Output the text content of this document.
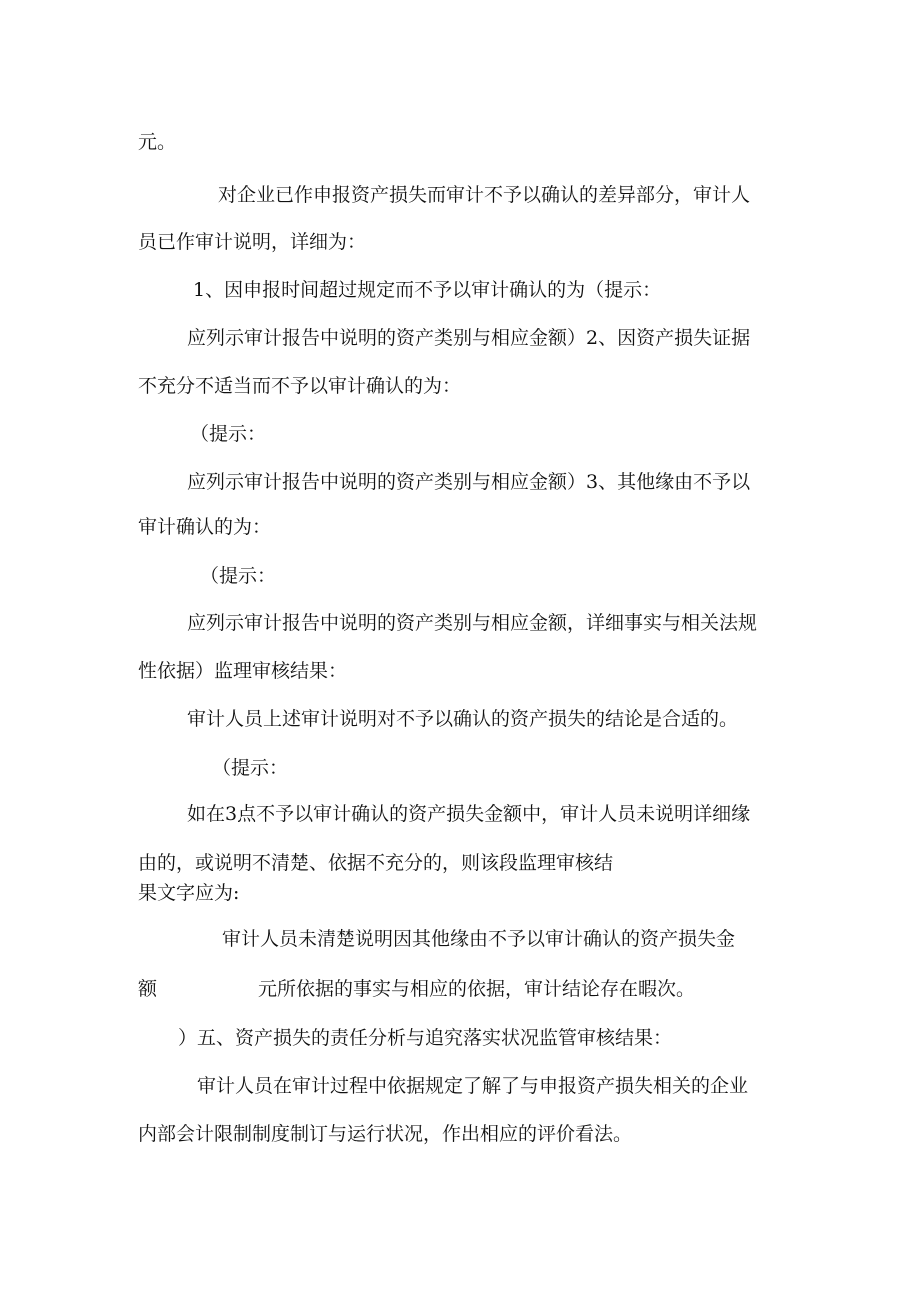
元。
对企业已作申报资产损失而审计不予以确认的差异部分，审计人
员已作审计说明，详细为：
1、因申报时间超过规定而不予以审计确认的为（提示：
应列示审计报告中说明的资产类别与相应金额）2、因资产损失证据
不充分不适当而不予以审计确认的为：
（提示：
应列示审计报告中说明的资产类别与相应金额）3、其他缘由不予以
审计确认的为：
（提示：
应列示审计报告中说明的资产类别与相应金额，详细事实与相关法规
性依据）监理审核结果：
审计人员上述审计说明对不予以确认的资产损失的结论是合适的。
（提示：
如在3点不予以审计确认的资产损失金额中，审计人员未说明详细缘
由的，或说明不清楚、依据不充分的，则该段监理审核结
果文字应为:
审计人员未清楚说明因其他缘由不予以审计确认的资产损失金
额	元所依据的事实与相应的依据，审计结论存在暇次。
）五、资产损失的责任分析与追究落实状况监管审核结果：
审计人员在审计过程中依据规定了解了与申报资产损失相关的企业
内部会计限制制度制订与运行状况，作出相应的评价看法。
